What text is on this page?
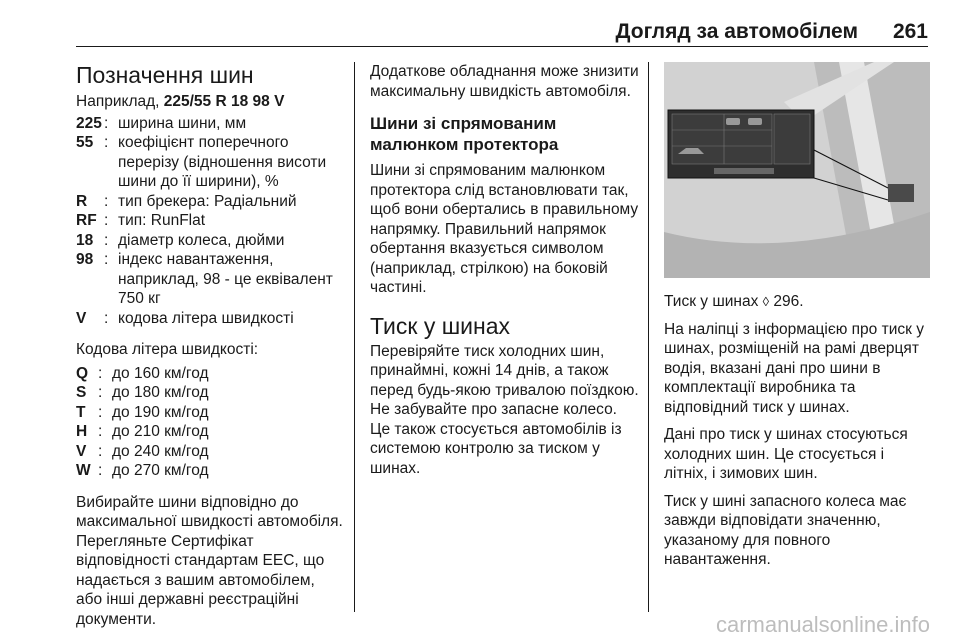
Догляд за автомобілем 261
Позначення шин

Наприклад, 225/55 R 18 98 V

225 : ширина шини, мм
55 : коефіцієнт поперечного перерізу (відношення висоти шини до її ширини), %
R	: тип брекера: Радіальний
RF : тип: RunFlat
18 : діаметр колеса, дюйми
98 : індекс навантаження, наприклад, 98 - це еквівалент 750 кг
V	: кодова літера швидкості

Кодова літера швидкості:

Q : до 160 км/год
S : до 180 км/год
T : до 190 км/год
H : до 210 км/год
V : до 240 км/год
W : до 270 км/год

Вибирайте шини відповідно до максимальної швидкості автомобіля. Перегляньте Сертифікат відповідності стандартам ЕЕС, що надається з вашим автомобілем, або інші державні реєстраційні документи.

Додаткове обладнання може знизити максимальну швидкість автомобіля.

Шини зі спрямованим малюнком протектора

Шини зі спрямованим малюнком протектора слід встановлювати так, щоб вони обертались в правильному напрямку. Правильний напрямок обертання вказується символом (наприклад, стрілкою) на боковій частині.

Тиск у шинах

Перевіряйте тиск холодних шин, принаймні, кожні 14 днів, а також перед будь-якою тривалою поїздкою. Не забувайте про запасне колесо. Це також стосується автомобілів із системою контролю за тиском у шинах.

Тиск у шинах ◊ 296.

На наліпці з інформацією про тиск у шинах, розміщеній на рамі дверцят водія, вказані дані про шини в комплектації виробника та відповідний тиск у шинах.

Дані про тиск у шинах стосуються холодних шин. Це стосується і літніх, і зимових шин.

Тиск у шині запасного колеса має завжди відповідати значенню, указаному для повного навантаження.

carmanualsonline.info
